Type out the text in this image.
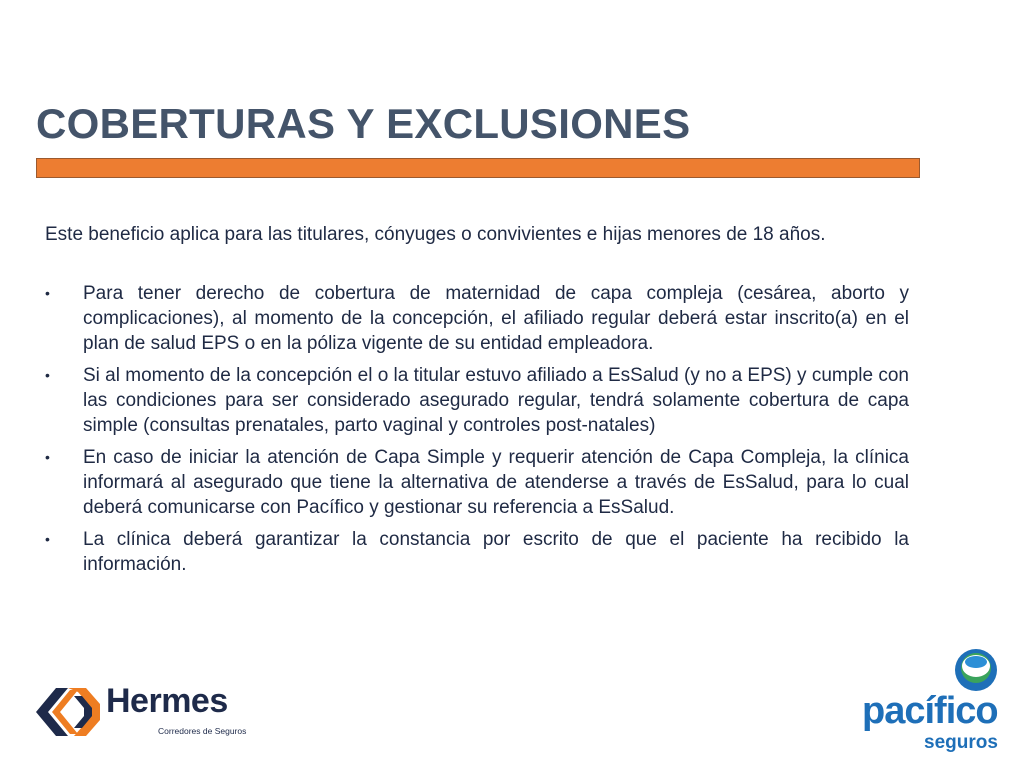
COBERTURAS Y EXCLUSIONES

Este beneficio aplica para las titulares, cónyuges o convivientes e hijas menores de 18 años.

• Para tener derecho de cobertura de maternidad de capa compleja (cesárea, aborto y complicaciones), al momento de la concepción, el afiliado regular deberá estar inscrito(a) en el plan de salud EPS o en la póliza vigente de su entidad empleadora.
• Si al momento de la concepción el o la titular estuvo afiliado a EsSalud (y no a EPS) y cumple con las condiciones para ser considerado asegurado regular, tendrá solamente cobertura de capa simple (consultas prenatales, parto vaginal y controles post-natales)
• En caso de iniciar la atención de Capa Simple y requerir atención de Capa Compleja, la clínica informará al asegurado que tiene la alternativa de atenderse a través de EsSalud, para lo cual deberá comunicarse con Pacífico y gestionar su referencia a EsSalud.
• La clínica deberá garantizar la constancia por escrito de que el paciente ha recibido la información.
Hermes
Corredores de Seguros	pacífico
seguros
